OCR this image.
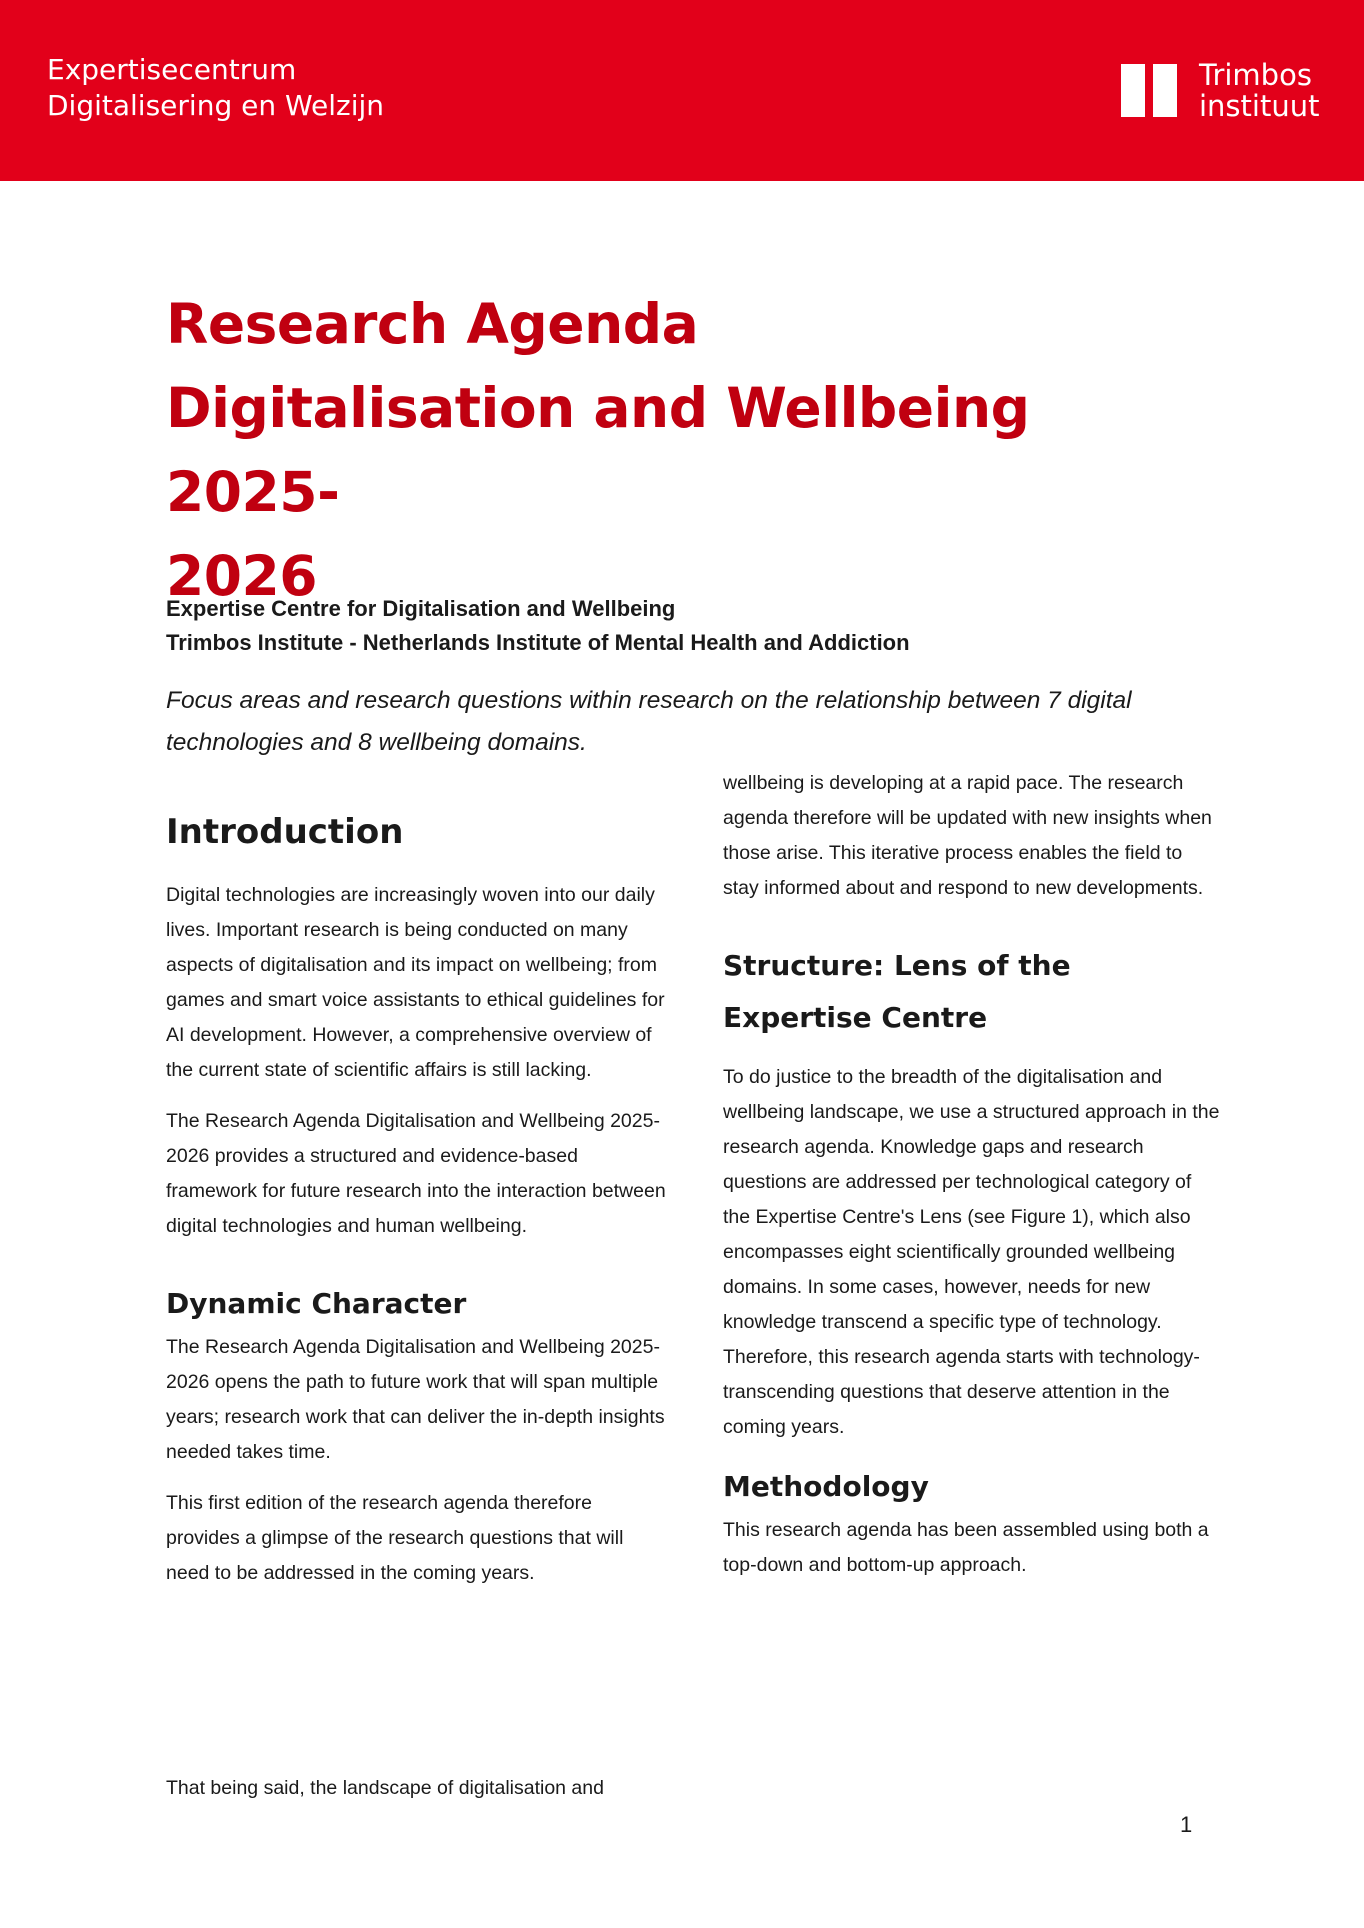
Expertisecentrum
Digitalisering en Welzijn
Trimbos
instituut
Research Agenda
Digitalisation and Wellbeing 2025-
2026

Expertise Centre for Digitalisation and Wellbeing
Trimbos Institute - Netherlands Institute of Mental Health and Addiction

Focus areas and research questions within research on the relationship between 7 digital technologies and 8 wellbeing domains.

Introduction

Digital technologies are increasingly woven into our daily lives. Important research is being conducted on many aspects of digitalisation and its impact on wellbeing; from games and smart voice assistants to ethical guidelines for AI development. However, a comprehensive overview of the current state of scientific affairs is still lacking.

The Research Agenda Digitalisation and Wellbeing 2025-2026 provides a structured and evidence-based framework for future research into the interaction between digital technologies and human wellbeing.

Dynamic Character

The Research Agenda Digitalisation and Wellbeing 2025-2026 opens the path to future work that will span multiple years; research work that can deliver the in-depth insights needed takes time.

This first edition of the research agenda therefore provides a glimpse of the research questions that will need to be addressed in the coming years.

That being said, the landscape of digitalisation and

wellbeing is developing at a rapid pace. The research agenda therefore will be updated with new insights when those arise. This iterative process enables the field to stay informed about and respond to new developments.

Structure: Lens of the Expertise Centre

To do justice to the breadth of the digitalisation and wellbeing landscape, we use a structured approach in the research agenda. Knowledge gaps and research questions are addressed per technological category of the Expertise Centre's Lens (see Figure 1), which also encompasses eight scientifically grounded wellbeing domains. In some cases, however, needs for new knowledge transcend a specific type of technology. Therefore, this research agenda starts with technology-transcending questions that deserve attention in the coming years.

Methodology

This research agenda has been assembled using both a top-down and bottom-up approach.

1
